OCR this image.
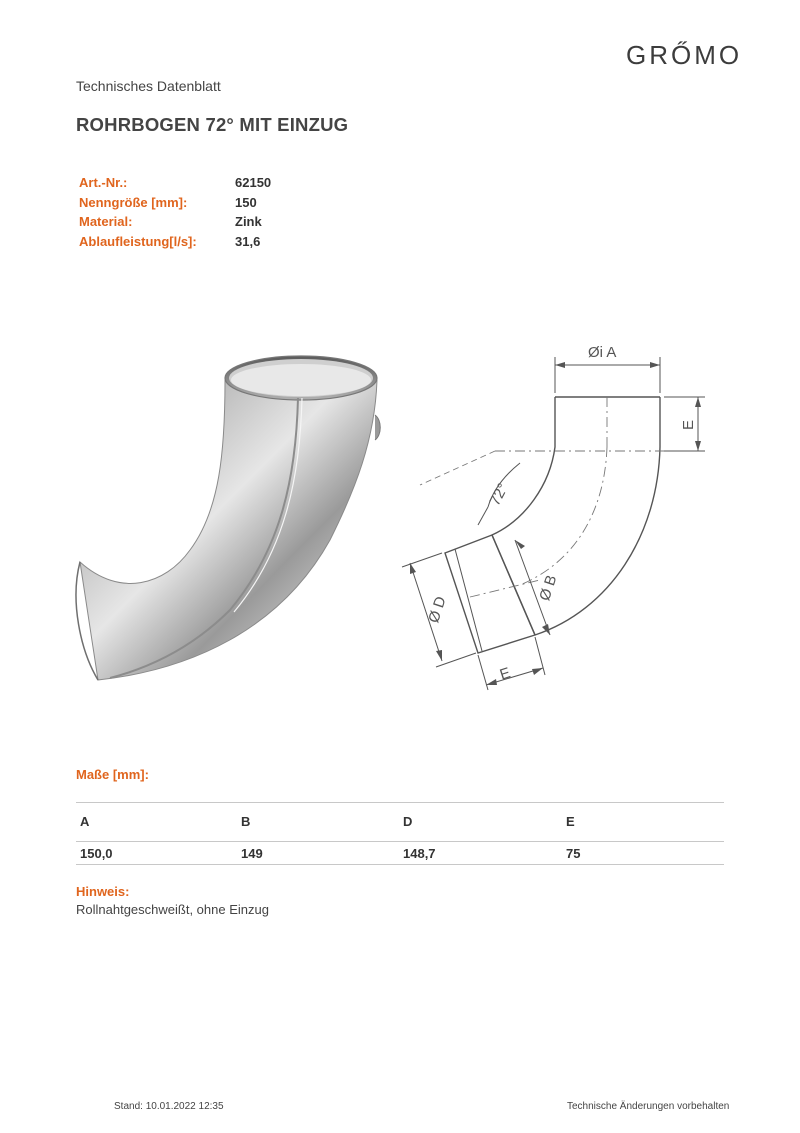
GRŐMO
Technisches Datenblatt
ROHRBOGEN 72° MIT EINZUG
Art.-Nr.:	62150
Nenngröße [mm]:	150
Material:	Zink
Ablaufleistung[l/s]:	31,6
Øi A
E
72°
Ø D
Ø B
E
Maße [mm]:
A	B	D	E
150,0	149	148,7	75
Hinweis:
Rollnahtgeschweißt, ohne Einzug
Stand: 10.01.2022 12:35	Technische Änderungen vorbehalten
